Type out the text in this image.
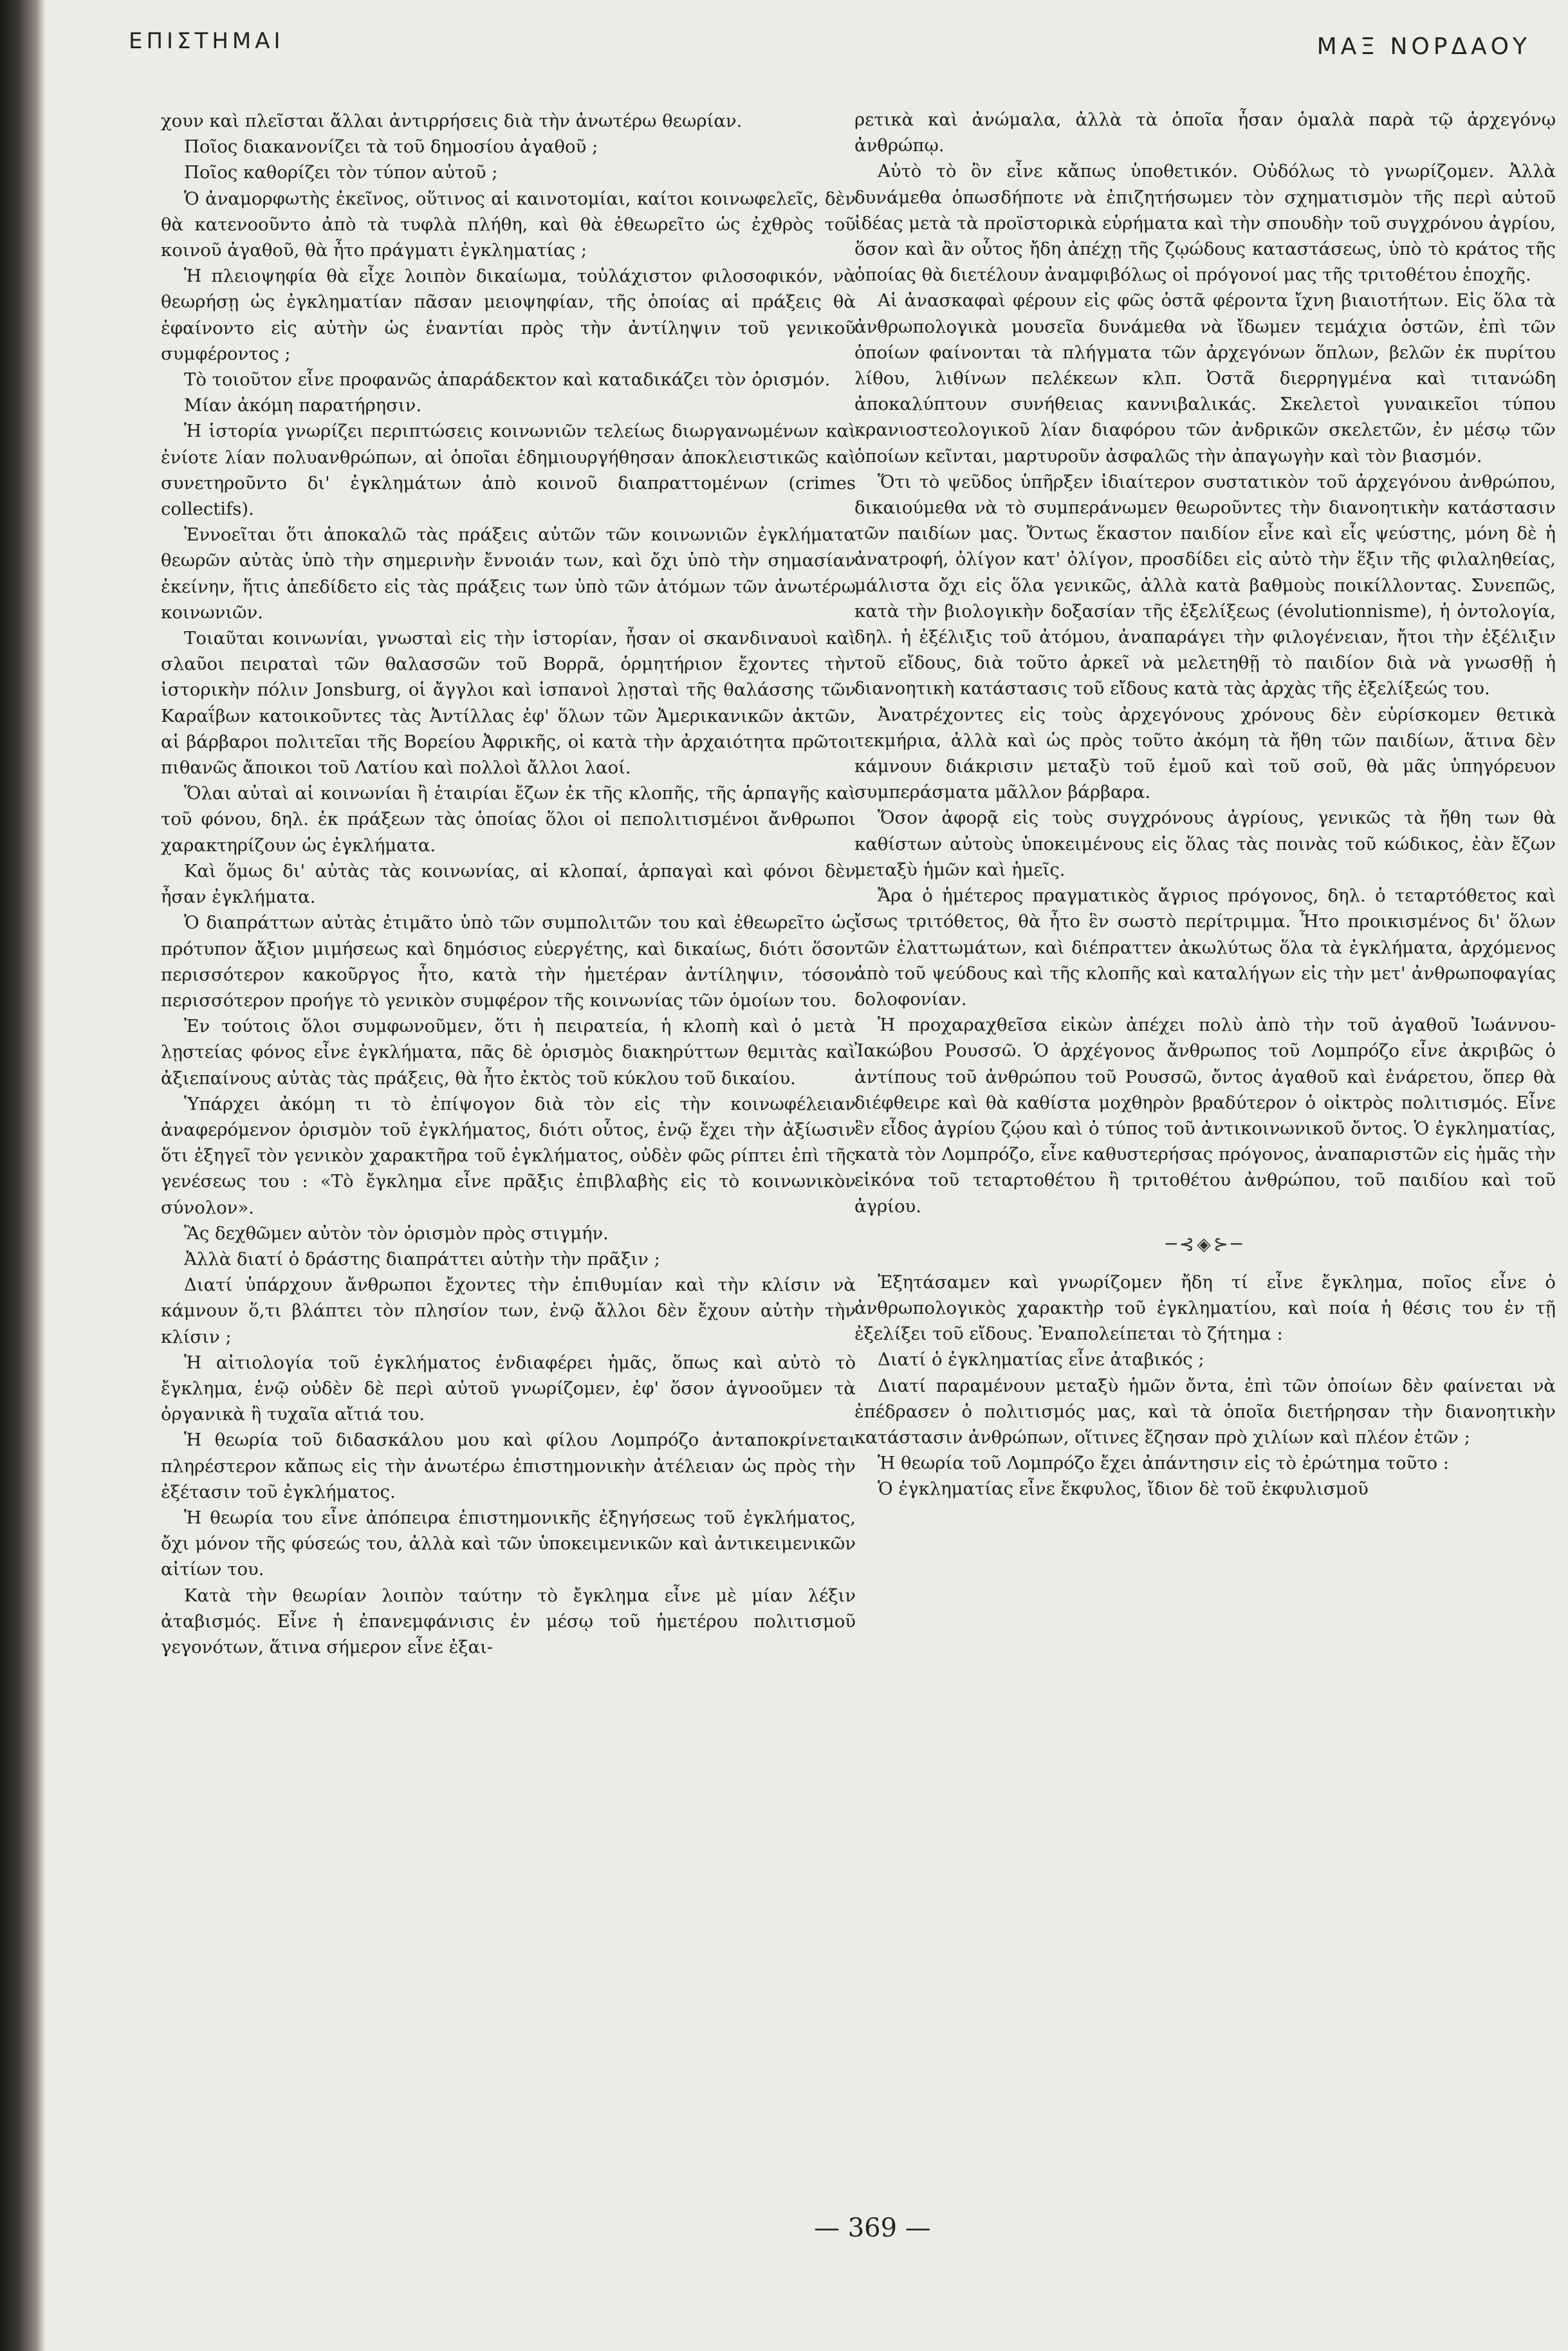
ΕΠΙΣΤΗΜΑΙ	ΜΑΞ ΝΟΡΔΑΟΥ

χουν καὶ πλεῖσται ἄλλαι ἀντιρρήσεις διὰ τὴν ἀνωτέρω θεωρίαν.

Ποῖος διακανονίζει τὰ τοῦ δημοσίου ἀγαθοῦ ;

Ποῖος καθορίζει τὸν τύπον αὐτοῦ ;

Ὁ ἀναμορφωτὴς ἐκεῖνος, οὕτινος αἱ καινοτομίαι, καίτοι κοινωφελεῖς, δὲν θὰ κατενοοῦντο ἀπὸ τὰ τυφλὰ πλήθη, καὶ θὰ ἐθεωρεῖτο ὡς ἐχθρὸς τοῦ κοινοῦ ἀγαθοῦ, θὰ ἦτο πράγματι ἐγκληματίας ;

Ἡ πλειοψηφία θὰ εἶχε λοιπὸν δικαίωμα, τοὐλάχιστον φιλοσοφικόν, νὰ θεωρήσῃ ὡς ἐγκληματίαν πᾶσαν μειοψηφίαν, τῆς ὁποίας αἱ πράξεις θὰ ἐφαίνοντο εἰς αὐτὴν ὡς ἐναντίαι πρὸς τὴν ἀντίληψιν τοῦ γενικοῦ συμφέροντος ;

Τὸ τοιοῦτον εἶνε προφανῶς ἀπαράδεκτον καὶ καταδικάζει τὸν ὁρισμόν.

Μίαν ἀκόμη παρατήρησιν.

Ἡ ἱστορία γνωρίζει περιπτώσεις κοινωνιῶν τελείως διωργανωμένων καὶ ἐνίοτε λίαν πολυανθρώπων, αἱ ὁποῖαι ἐδημιουργήθησαν ἀποκλειστικῶς καὶ συνετηροῦντο δι' ἐγκλημάτων ἀπὸ κοινοῦ διαπραττομένων (crimes collectifs).

Ἐννοεῖται ὅτι ἀποκαλῶ τὰς πράξεις αὐτῶν τῶν κοινωνιῶν ἐγκλήματα θεωρῶν αὐτὰς ὑπὸ τὴν σημερινὴν ἔννοιάν των, καὶ ὄχι ὑπὸ τὴν σημασίαν ἐκείνην, ἥτις ἀπεδίδετο εἰς τὰς πράξεις των ὑπὸ τῶν ἀτόμων τῶν ἀνωτέρω κοινωνιῶν.

Τοιαῦται κοινωνίαι, γνωσταὶ εἰς τὴν ἱστορίαν, ἦσαν οἱ σκανδιναυοὶ καὶ σλαῦοι πειραταὶ τῶν θαλασσῶν τοῦ Βορρᾶ, ὁρμητήριον ἔχοντες τὴν ἱστορικὴν πόλιν Jonsburg, οἱ ἄγγλοι καὶ ἱσπανοὶ λῃσταὶ τῆς θαλάσσης τῶν Καραΐβων κατοικοῦντες τὰς Ἀντίλλας ἐφ' ὅλων τῶν Ἀμερικανικῶν ἀκτῶν, αἱ βάρβαροι πολιτεῖαι τῆς Βορείου Ἀφρικῆς, οἱ κατὰ τὴν ἀρχαιότητα πρῶτοι πιθανῶς ἄποικοι τοῦ Λατίου καὶ πολλοὶ ἄλλοι λαοί.

Ὅλαι αὐταὶ αἱ κοινωνίαι ἢ ἑταιρίαι ἔζων ἐκ τῆς κλοπῆς, τῆς ἁρπαγῆς καὶ τοῦ φόνου, δηλ. ἐκ πράξεων τὰς ὁποίας ὅλοι οἱ πεπολιτισμένοι ἄνθρωποι χαρακτηρίζουν ὡς ἐγκλήματα.

Καὶ ὅμως δι' αὐτὰς τὰς κοινωνίας, αἱ κλοπαί, ἁρπαγαὶ καὶ φόνοι δὲν ἦσαν ἐγκλήματα.

Ὁ διαπράττων αὐτὰς ἐτιμᾶτο ὑπὸ τῶν συμπολιτῶν του καὶ ἐθεωρεῖτο ὡς πρότυπον ἄξιον μιμήσεως καὶ δημόσιος εὐεργέτης, καὶ δικαίως, διότι ὅσον περισσότερον κακοῦργος ἦτο, κατὰ τὴν ἡμετέραν ἀντίληψιν, τόσον περισσότερον προήγε τὸ γενικὸν συμφέρον τῆς κοινωνίας τῶν ὁμοίων του.

Ἐν τούτοις ὅλοι συμφωνοῦμεν, ὅτι ἡ πειρατεία, ἡ κλοπὴ καὶ ὁ μετὰ λῃστείας φόνος εἶνε ἐγκλήματα, πᾶς δὲ ὁρισμὸς διακηρύττων θεμιτὰς καὶ ἀξιεπαίνους αὐτὰς τὰς πράξεις, θὰ ἦτο ἐκτὸς τοῦ κύκλου τοῦ δικαίου.

Ὑπάρχει ἀκόμη τι τὸ ἐπίψογον διὰ τὸν εἰς τὴν κοινωφέλειαν ἀναφερόμενον ὁρισμὸν τοῦ ἐγκλήματος, διότι οὗτος, ἐνῷ ἔχει τὴν ἀξίωσιν ὅτι ἐξηγεῖ τὸν γενικὸν χαρακτῆρα τοῦ ἐγκλήματος, οὐδὲν φῶς ρίπτει ἐπὶ τῆς γενέσεως του : «Τὸ ἔγκλημα εἶνε πρᾶξις ἐπιβλαβὴς εἰς τὸ κοινωνικὸν σύνολον».

Ἂς δεχθῶμεν αὐτὸν τὸν ὁρισμὸν πρὸς στιγμήν.

Ἀλλὰ διατί ὁ δράστης διαπράττει αὐτὴν τὴν πρᾶξιν ;

Διατί ὑπάρχουν ἄνθρωποι ἔχοντες τὴν ἐπιθυμίαν καὶ τὴν κλίσιν νὰ κάμνουν ὅ,τι βλάπτει τὸν πλησίον των, ἐνῷ ἄλλοι δὲν ἔχουν αὐτὴν τὴν κλίσιν ;

Ἡ αἰτιολογία τοῦ ἐγκλήματος ἐνδιαφέρει ἡμᾶς, ὅπως καὶ αὐτὸ τὸ ἔγκλημα, ἐνῷ οὐδὲν δὲ περὶ αὐτοῦ γνωρίζομεν, ἐφ' ὅσον ἀγνοοῦμεν τὰ ὀργανικὰ ἢ τυχαῖα αἴτιά του.

Ἡ θεωρία τοῦ διδασκάλου μου καὶ φίλου Λομπρόζο ἀνταποκρίνεται πληρέστερον κἄπως εἰς τὴν ἀνωτέρω ἐπιστημονικὴν ἀτέλειαν ὡς πρὸς τὴν ἐξέτασιν τοῦ ἐγκλήματος.

Ἡ θεωρία του εἶνε ἀπόπειρα ἐπιστημονικῆς ἐξηγήσεως τοῦ ἐγκλήματος, ὄχι μόνον τῆς φύσεώς του, ἀλλὰ καὶ τῶν ὑποκειμενικῶν καὶ ἀντικειμενικῶν αἰτίων του.

Κατὰ τὴν θεωρίαν λοιπὸν ταύτην τὸ ἔγκλημα εἶνε μὲ μίαν λέξιν ἀταβισμός. Εἶνε ἡ ἐπανεμφάνισις ἐν μέσῳ τοῦ ἡμετέρου πολιτισμοῦ γεγονότων, ἅτινα σήμερον εἶνε ἐξαι-

ρετικὰ καὶ ἀνώμαλα, ἀλλὰ τὰ ὁποῖα ἦσαν ὁμαλὰ παρὰ τῷ ἀρχεγόνῳ ἀνθρώπῳ.

Αὐτὸ τὸ ὂν εἶνε κἄπως ὑποθετικόν. Οὐδόλως τὸ γνωρίζομεν. Ἀλλὰ δυνάμεθα ὁπωσδήποτε νὰ ἐπιζητήσωμεν τὸν σχηματισμὸν τῆς περὶ αὐτοῦ ἰδέας μετὰ τὰ προϊστορικὰ εὑρήματα καὶ τὴν σπουδὴν τοῦ συγχρόνου ἀγρίου, ὅσον καὶ ἂν οὗτος ἤδη ἀπέχῃ τῆς ζῳώδους καταστάσεως, ὑπὸ τὸ κράτος τῆς ὁποίας θὰ διετέλουν ἀναμφιβόλως οἱ πρόγονοί μας τῆς τριτοθέτου ἐποχῆς.

Αἱ ἀνασκαφαὶ φέρουν εἰς φῶς ὀστᾶ φέροντα ἴχνη βιαιοτήτων. Εἰς ὅλα τὰ ἀνθρωπολογικὰ μουσεῖα δυνάμεθα νὰ ἴδωμεν τεμάχια ὀστῶν, ἐπὶ τῶν ὁποίων φαίνονται τὰ πλήγματα τῶν ἀρχεγόνων ὅπλων, βελῶν ἐκ πυρίτου λίθου, λιθίνων πελέκεων κλπ. Ὀστᾶ διερρηγμένα καὶ τιτανώδη ἀποκαλύπτουν συνήθειας καννιβαλικάς. Σκελετοὶ γυναικεῖοι τύπου κρανιοστεολογικοῦ λίαν διαφόρου τῶν ἀνδρικῶν σκελετῶν, ἐν μέσῳ τῶν ὁποίων κεῖνται, μαρτυροῦν ἀσφαλῶς τὴν ἀπαγωγὴν καὶ τὸν βιασμόν.

Ὅτι τὸ ψεῦδος ὑπῆρξεν ἰδιαίτερον συστατικὸν τοῦ ἀρχεγόνου ἀνθρώπου, δικαιούμεθα νὰ τὸ συμπεράνωμεν θεωροῦντες τὴν διανοητικὴν κατάστασιν τῶν παιδίων μας. Ὄντως ἕκαστον παιδίον εἶνε καὶ εἷς ψεύστης, μόνη δὲ ἡ ἀνατροφή, ὀλίγον κατ' ὀλίγον, προσδίδει εἰς αὐτὸ τὴν ἕξιν τῆς φιλαληθείας, μάλιστα ὄχι εἰς ὅλα γενικῶς, ἀλλὰ κατὰ βαθμοὺς ποικίλλοντας. Συνεπῶς, κατὰ τὴν βιολογικὴν δοξασίαν τῆς ἐξελίξεως (évolutionnisme), ἡ ὀντολογία, δηλ. ἡ ἐξέλιξις τοῦ ἀτόμου, ἀναπαράγει τὴν φιλογένειαν, ἤτοι τὴν ἐξέλιξιν τοῦ εἴδους, διὰ τοῦτο ἀρκεῖ νὰ μελετηθῇ τὸ παιδίον διὰ νὰ γνωσθῇ ἡ διανοητικὴ κατάστασις τοῦ εἴδους κατὰ τὰς ἀρχὰς τῆς ἐξελίξεώς του.

Ἀνατρέχοντες εἰς τοὺς ἀρχεγόνους χρόνους δὲν εὑρίσκομεν θετικὰ τεκμήρια, ἀλλὰ καὶ ὡς πρὸς τοῦτο ἀκόμη τὰ ἤθη τῶν παιδίων, ἅτινα δὲν κάμνουν διάκρισιν μεταξὺ τοῦ ἐμοῦ καὶ τοῦ σοῦ, θὰ μᾶς ὑπηγόρευον συμπεράσματα μᾶλλον βάρβαρα.

Ὅσον ἀφορᾷ εἰς τοὺς συγχρόνους ἀγρίους, γενικῶς τὰ ἤθη των θὰ καθίστων αὐτοὺς ὑποκειμένους εἰς ὅλας τὰς ποινὰς τοῦ κώδικος, ἐὰν ἔζων μεταξὺ ἡμῶν καὶ ἡμεῖς.

Ἄρα ὁ ἡμέτερος πραγματικὸς ἄγριος πρόγονος, δηλ. ὁ τεταρτόθετος καὶ ἴσως τριτόθετος, θὰ ἦτο ἓν σωστὸ περίτριμμα. Ἦτο προικισμένος δι' ὅλων τῶν ἐλαττωμάτων, καὶ διέπραττεν ἀκωλύτως ὅλα τὰ ἐγκλήματα, ἀρχόμενος ἀπὸ τοῦ ψεύδους καὶ τῆς κλοπῆς καὶ καταλήγων εἰς τὴν μετ' ἀνθρωποφαγίας δολοφονίαν.

Ἡ προχαραχθεῖσα εἰκὼν ἀπέχει πολὺ ἀπὸ τὴν τοῦ ἀγαθοῦ Ἰωάννου-Ἰακώβου Ρουσσῶ. Ὁ ἀρχέγονος ἄνθρωπος τοῦ Λομπρόζο εἶνε ἀκριβῶς ὁ ἀντίπους τοῦ ἀνθρώπου τοῦ Ρουσσῶ, ὄντος ἀγαθοῦ καὶ ἐνάρετου, ὅπερ θὰ διέφθειρε καὶ θὰ καθίστα μοχθηρὸν βραδύτερον ὁ οἰκτρὸς πολιτισμός. Εἶνε ἓν εἶδος ἀγρίου ζῴου καὶ ὁ τύπος τοῦ ἀντικοινωνικοῦ ὄντος. Ὁ ἐγκληματίας, κατὰ τὸν Λομπρόζο, εἶνε καθυστερήσας πρόγονος, ἀναπαριστῶν εἰς ἡμᾶς τὴν εἰκόνα τοῦ τεταρτοθέτου ἢ τριτοθέτου ἀνθρώπου, τοῦ παιδίου καὶ τοῦ ἀγρίου.

─⊰◈⊱─

Ἐξητάσαμεν καὶ γνωρίζομεν ἤδη τί εἶνε ἔγκλημα, ποῖος εἶνε ὁ ἀνθρωπολογικὸς χαρακτὴρ τοῦ ἐγκληματίου, καὶ ποία ἡ θέσις του ἐν τῇ ἐξελίξει τοῦ εἴδους. Ἐναπολείπεται τὸ ζήτημα :

Διατί ὁ ἐγκληματίας εἶνε ἀταβικός ;

Διατί παραμένουν μεταξὺ ἡμῶν ὄντα, ἐπὶ τῶν ὁποίων δὲν φαίνεται νὰ ἐπέδρασεν ὁ πολιτισμός μας, καὶ τὰ ὁποῖα διετήρησαν τὴν διανοητικὴν κατάστασιν ἀνθρώπων, οἵτινες ἔζησαν πρὸ χιλίων καὶ πλέον ἐτῶν ;

Ἡ θεωρία τοῦ Λομπρόζο ἔχει ἀπάντησιν εἰς τὸ ἐρώτημα τοῦτο :

Ὁ ἐγκληματίας εἶνε ἔκφυλος, ἴδιον δὲ τοῦ ἐκφυλισμοῦ

— 369 —
